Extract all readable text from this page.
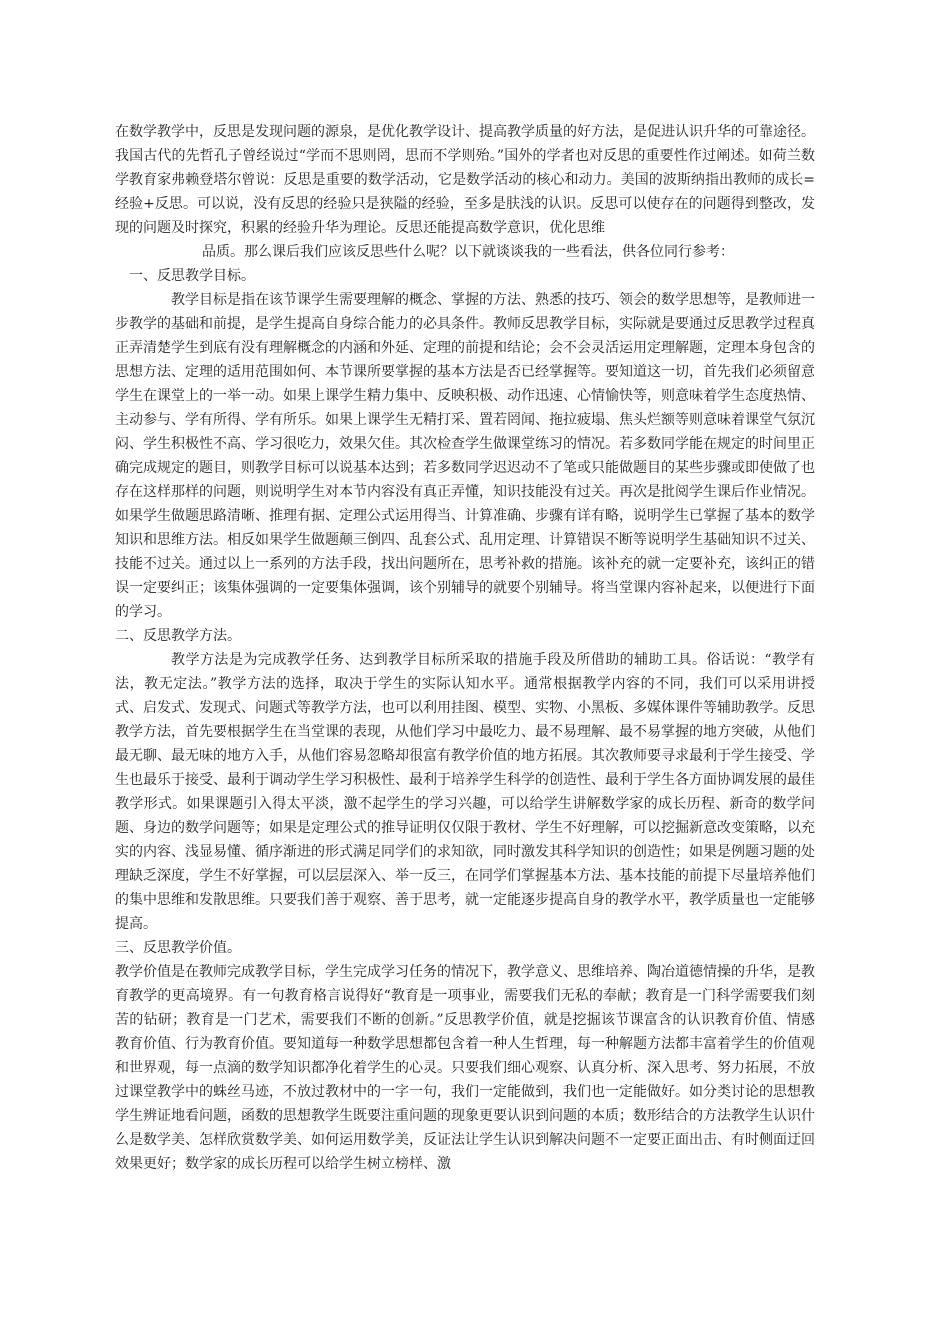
在数学教学中，反思是发现问题的源泉，是优化教学设计、提高教学质量的好方法，是促进认识升华的可靠途径。我国古代的先哲孔子曾经说过“学而不思则罔，思而不学则殆。”国外的学者也对反思的重要性作过阐述。如荷兰数学教育家弗赖登塔尔曾说：反思是重要的数学活动，它是数学活动的核心和动力。美国的波斯纳指出教师的成长=经验+反思。可以说，没有反思的经验只是狭隘的经验，至多是肤浅的认识。反思可以使存在的问题得到整改，发现的问题及时探究，积累的经验升华为理论。反思还能提高数学意识，优化思维

品质。那么课后我们应该反思些什么呢？以下就谈谈我的一些看法，供各位同行参考：

一、反思教学目标。

教学目标是指在该节课学生需要理解的概念、掌握的方法、熟悉的技巧、领会的数学思想等，是教师进一步教学的基础和前提，是学生提高自身综合能力的必具条件。教师反思教学目标，实际就是要通过反思教学过程真正弄清楚学生到底有没有理解概念的内涵和外延、定理的前提和结论；会不会灵活运用定理解题，定理本身包含的思想方法、定理的适用范围如何、本节课所要掌握的基本方法是否已经掌握等。要知道这一切，首先我们必须留意学生在课堂上的一举一动。如果上课学生精力集中、反映积极、动作迅速、心情愉快等，则意味着学生态度热情、主动参与、学有所得、学有所乐。如果上课学生无精打采、置若罔闻、拖拉疲塌、焦头烂额等则意味着课堂气氛沉闷、学生积极性不高、学习很吃力，效果欠佳。其次检查学生做课堂练习的情况。若多数同学能在规定的时间里正确完成规定的题目，则教学目标可以说基本达到；若多数同学迟迟动不了笔或只能做题目的某些步骤或即使做了也存在这样那样的问题，则说明学生对本节内容没有真正弄懂，知识技能没有过关。再次是批阅学生课后作业情况。如果学生做题思路清晰、推理有据、定理公式运用得当、计算准确、步骤有详有略，说明学生已掌握了基本的数学知识和思维方法。相反如果学生做题颠三倒四、乱套公式、乱用定理、计算错误不断等说明学生基础知识不过关、技能不过关。通过以上一系列的方法手段，找出问题所在，思考补救的措施。该补充的就一定要补充，该纠正的错误一定要纠正；该集体强调的一定要集体强调，该个别辅导的就要个别辅导。将当堂课内容补起来，以便进行下面的学习。

二、反思教学方法。

教学方法是为完成教学任务、达到教学目标所采取的措施手段及所借助的辅助工具。俗话说：“教学有法，教无定法。”教学方法的选择，取决于学生的实际认知水平。通常根据教学内容的不同，我们可以采用讲授式、启发式、发现式、问题式等教学方法，也可以利用挂图、模型、实物、小黑板、多媒体课件等辅助教学。反思教学方法，首先要根据学生在当堂课的表现，从他们学习中最吃力、最不易理解、最不易掌握的地方突破，从他们最无聊、最无味的地方入手，从他们容易忽略却很富有教学价值的地方拓展。其次教师要寻求最利于学生接受、学生也最乐于接受、最利于调动学生学习积极性、最利于培养学生科学的创造性、最利于学生各方面协调发展的最佳教学形式。如果课题引入得太平淡，激不起学生的学习兴趣，可以给学生讲解数学家的成长历程、新奇的数学问题、身边的数学问题等；如果是定理公式的推导证明仅仅限于教材、学生不好理解，可以挖掘新意改变策略，以充实的内容、浅显易懂、循序渐进的形式满足同学们的求知欲，同时激发其科学知识的创造性；如果是例题习题的处理缺乏深度，学生不好掌握，可以层层深入、举一反三，在同学们掌握基本方法、基本技能的前提下尽量培养他们的集中思维和发散思维。只要我们善于观察、善于思考，就一定能逐步提高自身的教学水平，教学质量也一定能够提高。

三、反思教学价值。

教学价值是在教师完成教学目标，学生完成学习任务的情况下，教学意义、思维培养、陶冶道德情操的升华，是教育教学的更高境界。有一句教育格言说得好“教育是一项事业，需要我们无私的奉献；教育是一门科学需要我们刻苦的钻研；教育是一门艺术，需要我们不断的创新。”反思教学价值，就是挖掘该节课富含的认识教育价值、情感教育价值、行为教育价值。要知道每一种数学思想都包含着一种人生哲理，每一种解题方法都丰富着学生的价值观和世界观，每一点滴的数学知识都净化着学生的心灵。只要我们细心观察、认真分析、深入思考、努力拓展，不放过课堂教学中的蛛丝马迹，不放过教材中的一字一句，我们一定能做到，我们也一定能做好。如分类讨论的思想教学生辨证地看问题，函数的思想教学生既要注重问题的现象更要认识到问题的本质；数形结合的方法教学生认识什么是数学美、怎样欣赏数学美、如何运用数学美，反证法让学生认识到解决问题不一定要正面出击、有时侧面迂回效果更好；数学家的成长历程可以给学生树立榜样、激
